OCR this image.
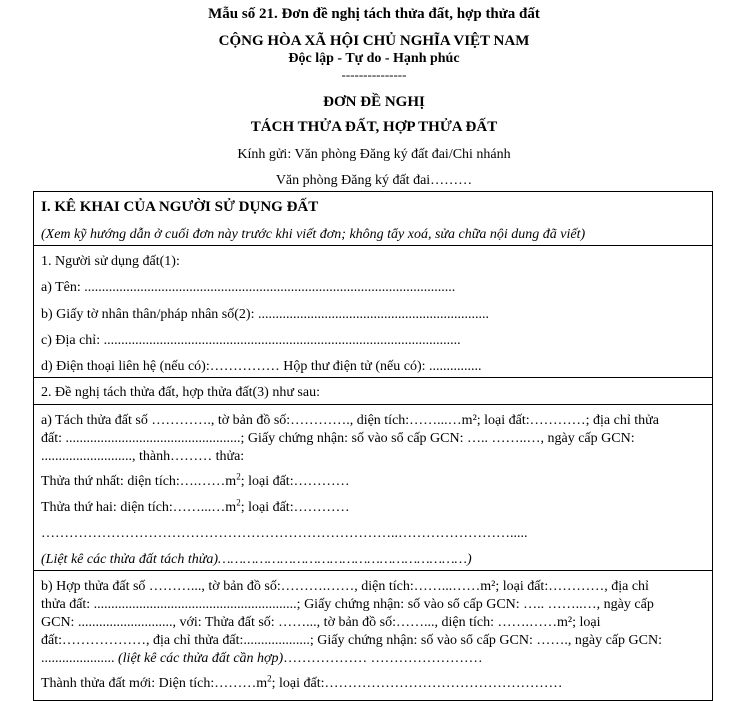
Mẫu số 21. Đơn đề nghị tách thửa đất, hợp thửa đất
CỘNG HÒA XÃ HỘI CHỦ NGHĨA VIỆT NAM
Độc lập - Tự do - Hạnh phúc
---------------
ĐƠN ĐỀ NGHỊ
TÁCH THỬA ĐẤT, HỢP THỬA ĐẤT
Kính gửi: Văn phòng Đăng ký đất đai/Chi nhánh
Văn phòng Đăng ký đất đai………
I. KÊ KHAI CỦA NGƯỜI SỬ DỤNG ĐẤT
(Xem kỹ hướng dẫn ở cuối đơn này trước khi viết đơn; không tẩy xoá, sửa chữa nội dung đã viết)
1. Người sử dụng đất(1):
a) Tên: ..........................................................................................................
b) Giấy tờ nhân thân/pháp nhân số(2): ..................................................................
c) Địa chỉ: ......................................................................................................
d) Điện thoại liên hệ (nếu có):…………… Hộp thư điện tử (nếu có): ...............
2. Đề nghị tách thửa đất, hợp thửa đất(3) như sau:
a) Tách thửa đất số …………., tờ bản đồ số:…………., diện tích:……...…m²; loại đất:…………; địa chỉ thửa
đất: ..................................................; Giấy chứng nhận: số vào sổ cấp GCN: ….. ……..…, ngày cấp GCN:
.........................., thành……… thửa:
Thửa thứ nhất: diện $tích:\dots.\dots\dots m^2$; loại đất:…………
Thửa thứ hai: diện $tích:\dots\dots...\dots m^2$; loại đất:…………
…………………………………………………………………..…………………….....
(Liệt kê các thửa đất tách thửa)……………………………………………………)
b) Hợp thửa đất số ………..., tờ bản đồ số:……….……, diện tích:……...……m²; loại đất:…………, địa chỉ
thửa đất: ..........................................................; Giấy chứng nhận: số vào sổ cấp GCN: ….. ……..…, ngày cấp
GCN: ..........................., với: Thửa đất số: ……..., tờ bản đồ số:……..., diện tích: …….……m²; loại
đất:………………, địa chỉ thửa đất:...................; Giấy chứng nhận: số vào sổ cấp GCN: ……., ngày cấp GCN:
..................... (liệt kê các thửa đất cần hợp)……………… ……………………
Thành thửa đất mới: Diện $tích:\dots\dots\dots m^2$; loại đất:……………………………………………
